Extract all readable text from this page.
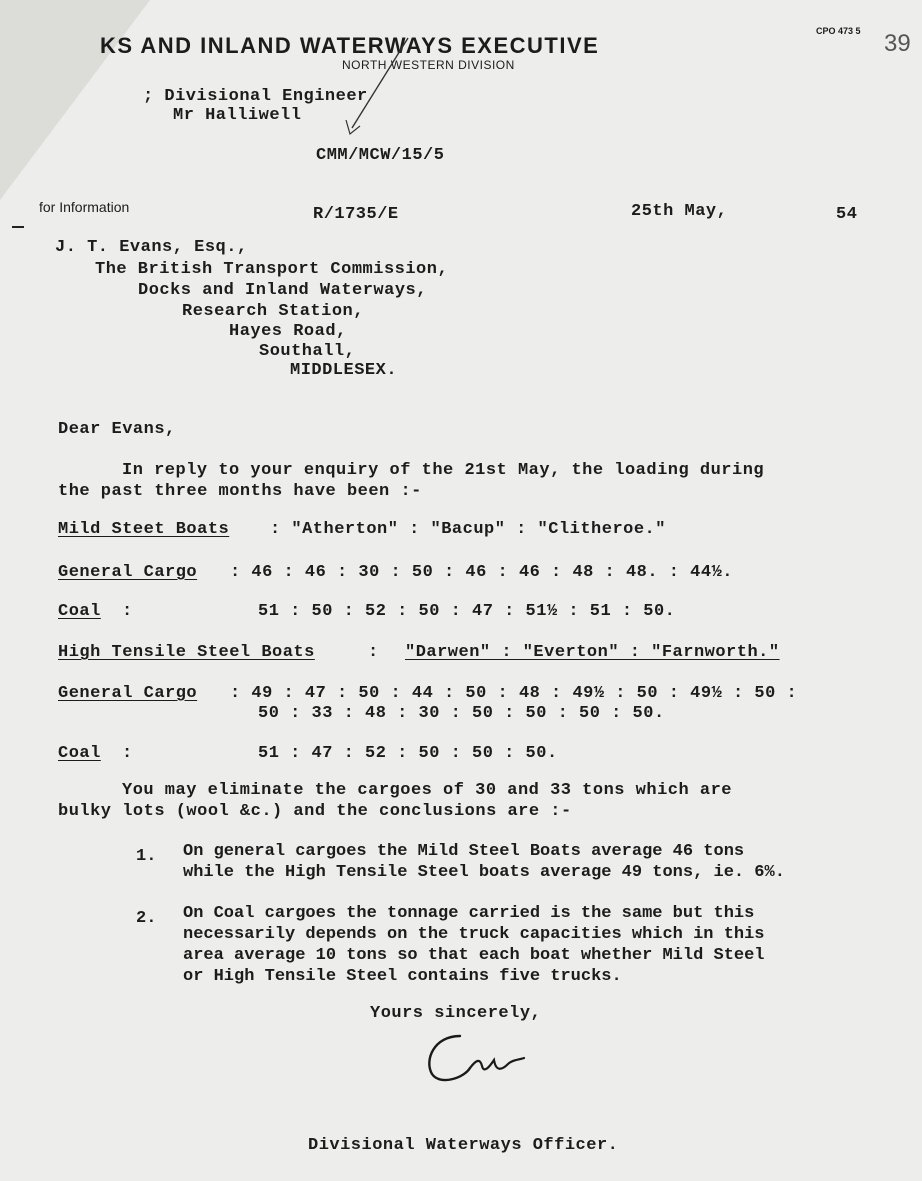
KS AND INLAND WATERWAYS EXECUTIVE
NORTH WESTERN DIVISION
CPO 473 5 39
; Divisional Engineer
Mr Halliwell
CMM/MCW/15/5
for Information	R/1735/E	25th May,	54
J. T. Evans, Esq.,
The British Transport Commission,
Docks and Inland Waterways,
Research Station,
Hayes Road,
Southall,
MIDDLESEX.
Dear Evans,
In reply to your enquiry of the 21st May, the loading during
the past three months have been :-
Mild Steet Boats : "Atherton" : "Bacup" : "Clitheroe."
General Cargo : 46 : 46 : 30 : 50 : 46 : 46 : 48 : 48. : 44½.
Coal :	51 : 50 : 52 : 50 : 47 : 51½ : 51 : 50.
High Tensile Steel Boats	: "Darwen" : "Everton" : "Farnworth."
General Cargo : 49 : 47 : 50 : 44 : 50 : 48 : 49½ : 50 : 49½ : 50 :
50 : 33 : 48 : 30 : 50 : 50 : 50 : 50.
Coal :	51 : 47 : 52 : 50 : 50 : 50.
You may eliminate the cargoes of 30 and 33 tons which are
bulky lots (wool &c.) and the conclusions are :-
1. On general cargoes the Mild Steel Boats average 46 tons
while the High Tensile Steel boats average 49 tons, ie. 6%.
2. On Coal cargoes the tonnage carried is the same but this
necessarily depends on the truck capacities which in this
area average 10 tons so that each boat whether Mild Steel
or High Tensile Steel contains five trucks.
Yours sincerely,
Divisional Waterways Officer.
